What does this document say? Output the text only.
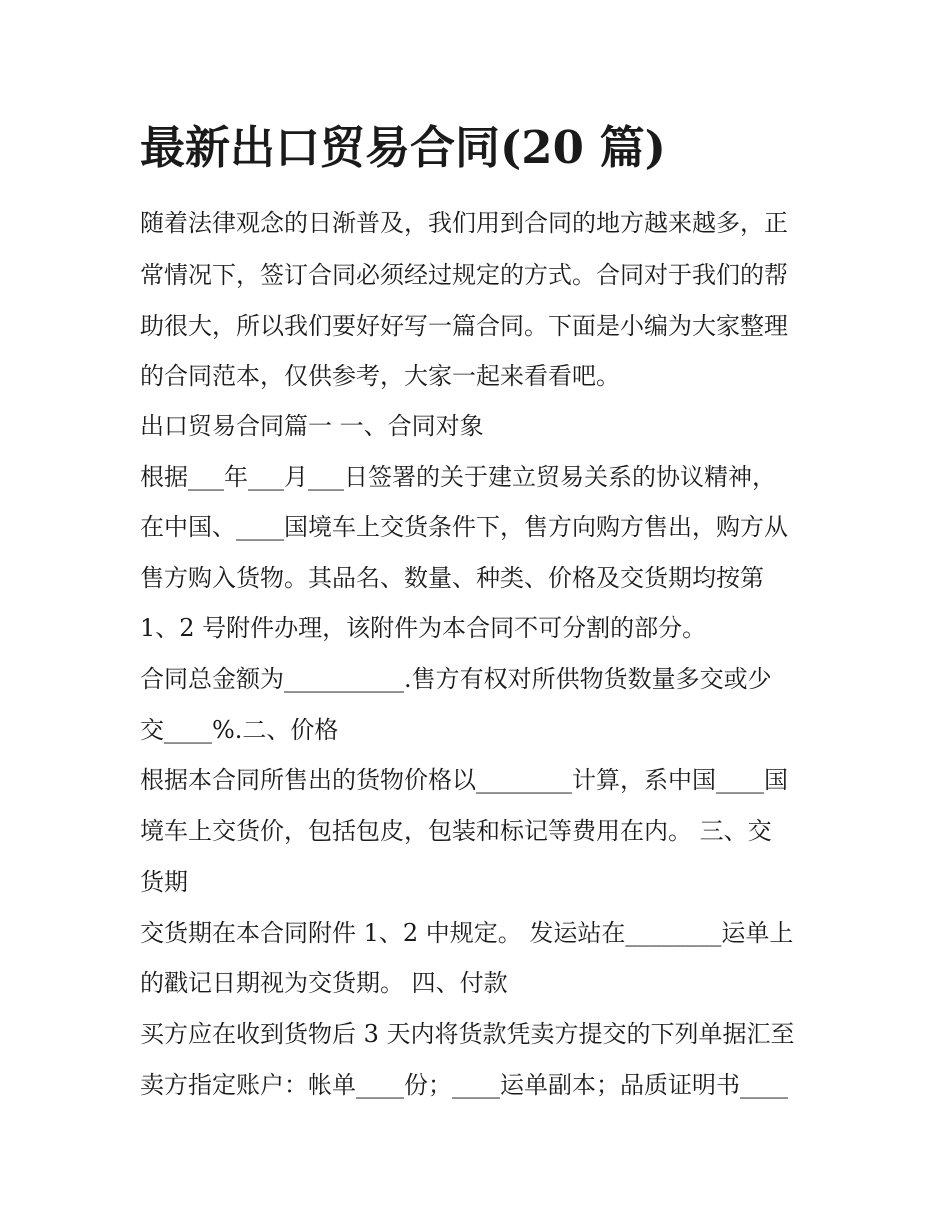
最新出口贸易合同(20 篇)
随着法律观念的日渐普及，我们用到合同的地方越来越多，正
常情况下，签订合同必须经过规定的方式。合同对于我们的帮
助很大，所以我们要好好写一篇合同。下面是小编为大家整理
的合同范本，仅供参考，大家一起来看看吧。
出口贸易合同篇一 一、合同对象
根据___年___月___日签署的关于建立贸易关系的协议精神，
在中国、____国境车上交货条件下，售方向购方售出，购方从
售方购入货物。其品名、数量、种类、价格及交货期均按第
1、2 号附件办理，该附件为本合同不可分割的部分。
合同总金额为__________.售方有权对所供物货数量多交或少
交____%.二、价格
根据本合同所售出的货物价格以________计算，系中国____国
境车上交货价，包括包皮，包装和标记等费用在内。 三、交
货期
交货期在本合同附件 1、2 中规定。 发运站在________运单上
的戳记日期视为交货期。 四、付款
买方应在收到货物后 3 天内将货款凭卖方提交的下列单据汇至
卖方指定账户：帐单____份；____运单副本；品质证明书____
